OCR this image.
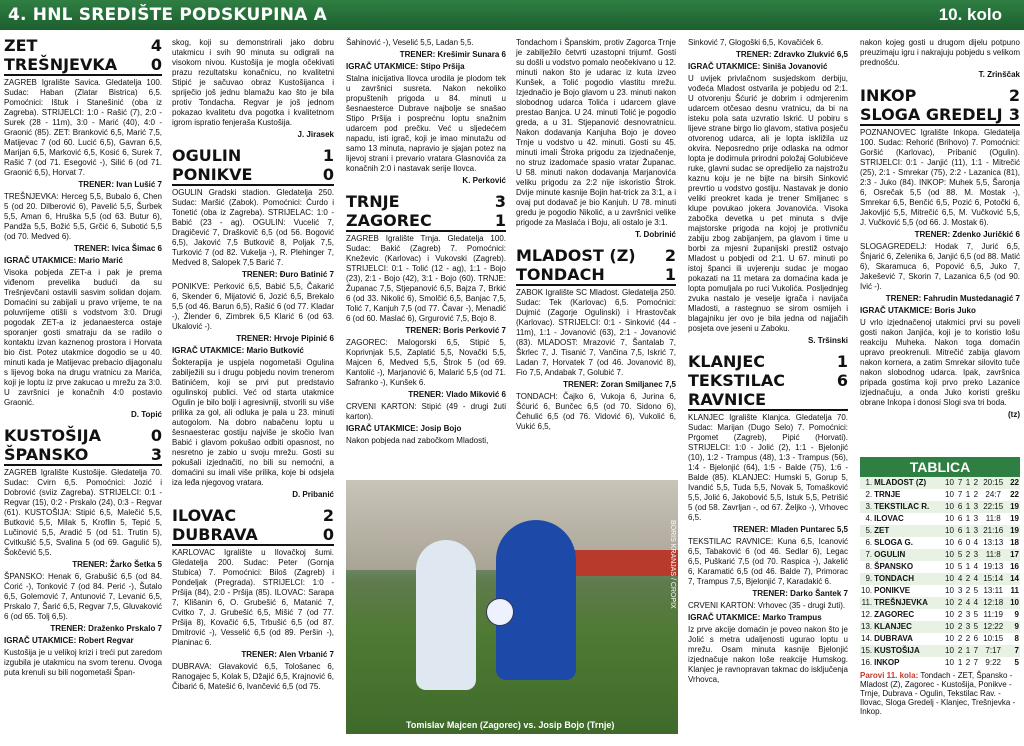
4. HNL SREDIŠTE PODSKUPINA A	10. kolo
ZET	4
TREŠNJEVKA 0
ZAGREB Igralište Savica. Gledatelja 100. Sudac: Haban (Zlatar Bistrica) 6,5. Pomoćnici: Ištuk i Stanešinić (oba iz Zagreba). STRIJELCI: 1:0 - Rašić (7), 2:0 - Surek (28 - 11m), 3:0 - Marić (40), 4:0 - Graonić (85). ZET: Branković 6,5, Marić 7,5, Matijevac 7 (od 60. Lucić 6,5), Gavran 6,5, Marijan 6,5, Marković 6,5, Kosić 6, Surek 7, Rašić 7 (od 71. Esegović -), Silić 6 (od 71. Graonić 6,5), Horvat 7.
TRENER: Ivan Lušić 7
TREŠNJEVKA: Herceg 5,5, Bubalo 6, Chen 5 (od 20. Dilberović 6), Pavelić 5,5, Šurbek 5,5, Aman 6, Hruška 5,5 (od 63. Butur 6), Pandža 5,5, Božić 5,5, Grčić 6, Subotić 5,5 (od 70. Medved 6).
TRENER: Ivica Šimac 6
IGRAČ UTAKMICE: Mario Marić
Visoka pobjeda ZET-a i pak je prema viđenom prevelika budući da su Trešnjevčani ostavili sasvim solidan dojam. Domaćini su zabijali u pravo vrijeme, te na poluvrijeme otišli s vodstvom 3:0. Drugi pogodak ZET-a iz jedanaesterca ostaje sporanjer gosti smatraju da se radilo o kontaktu izvan kaznenog prostora i Horvata bio čist. Potez utakmice dogodio se u 40. minuti kada je Matijevac prebacio dijagonalu s lijevog boka na drugu vratnicu za Marića, koji je loptu iz prve zakucao u mrežu za 3:0. U završnici je konačnih 4:0 postavio Graonić.
D. Topić
KUSTOŠIJA	0
ŠPANSKO	3
ZAGREB Igralište Kustošije. Gledatelja 70. Sudac: Cvirn 6,5. Pomoćnici: Jozić i Dobrović (sviiz Zagreba). STRIJELCI: 0:1 - Regvar (15), 0:2 - Prskalo (24), 0:3 - Regvar (61). KUSTOŠIJA: Stipić 6,5, Malečić 5,5, Butković 5,5, Milak 5, Kroflin 5, Tepić 5, Lučinović 5,5, Aradić 5 (od 51. Trutin 5), Cvitkušić 5,5, Svalina 5 (od 69. Gagulić 5), Šokčević 5,5.
TRENER: Žarko Šetka 5
ŠPANSKO: Henak 6, Grabušić 6,5 (od 84. Ćorić -), Tonković 7 (od 84. Perić -), Šutalo 6,5, Golemović 7, Antunović 7, Levanić 6,5, Prskalo 7, Šarić 6,5, Regvar 7,5, Gluvaković 6 (od 65. Tolj 6,5).
TRENER: Draženko Prskalo 7
IGRAČ UTAKMICE: Robert Regvar
Kustošija je u velikoj krizi i treći put zaredom izgubila je utakmicu na svom terenu. Ovoga puta krenuli su bili nogometaši Špan-
skog, koji su demonstrirali jako dobru utakmicu i svih 90 minuta su odigrali na visokom nivou. Kustošija je mogla očekivati prazu rezultatsku konačnicu, no kvalitetni Stipić je sačuvao obraz Kustošijanca i spriječio još jednu blamažu kao što je bila protiv Tondacha. Regvar je još jednom pokazao kvalitetu dva pogotka i kvalitetnom igrom ispratio fenjeraša Kustošija.
J. Jirasek
OGULIN	1
PONIKVE	0
OGULIN Gradski stadion. Gledatelja 250. Sudac: Maršić (Zabok). Pomoćnici: Ćurdo i Tonetić (oba iz Zagreba). STRIJELAC: 1:0 - Babić (23 - ag). OGULIN: Vucelić 7, Dragičević 7, Draškovič 6,5 (od 56. Bogović 6,5), Jaković 7,5 Butkovič 8, Poljak 7,5, Turković 7 (od 82. Vukelja -), R. Plehinger 7, Medved 8, Salopek 7,5 Barić 7.
TRENER: Đuro Batinić 7
PONIKVE: Perković 6,5, Babić 5,5, Čakarić 6, Skender 6, Mijatović 6, Jozić 6,5, Brekalo 5,5 (od 46. Barun 6,5), Rašić 6 (od 77. Kladar -), Žlender 6, Zimbrek 6,5 Klarić 6 (od 63. Ukalović -).
TRENER: Hrvoje Pipinić 6
IGRAČ UTAKMICE: Mario Butković
Šokterapija je uspjela nogometaši Ogulina zabilježili su i drugu pobjedu novim trenerom Batinićem, koji se prvi put predstavio ogulinskoj publici. Već od starta utakmice Ogulin je bilo bolji i agresivniji, stvorili su više prilika za gol, ali odluka je pala u 23. minuti autogolom. Na dobro nabačenu loptu u šesnaesterac gostiju najviše je skočio Ivan Babić i glavom pokušao odbiti opasnost, no nesretno je zabio u svoju mrežu. Gosti su pokušali izjednačiti, no bili su nemoćni, a domaćini su imali više prilika, koje bi odsjela iza leđa njegovog vratara.
D. Pribanić
ILOVAC	2
DUBRAVA	0
KARLOVAC Igralište u Ilovačkoj šumi. Gledatelja 200. Sudac: Peter (Gornja Stubica) 7. Pomoćnici: Biloš (Zagreb) i Pondeljak (Pregrada). STRIJELCI: 1:0 - Pršija (84), 2:0 - Pršija (85). ILOVAC: Sarapa 7, Klišanin 6, O. Grubešić 6, Matanić 7, Cvitko 7, J. Grubešić 6,5, Mišić 7 (od 77. Pršija 8), Kovačić 6,5, Trbušić 6,5 (od 87. Dmitrović -), Vesselić 6,5 (od 89. Peršin -), Planinac 6.
TRENER: Alen Vrbanić 7
DUBRAVA: Glavaković 6,5, Tološanec 6, Ranogajec 5, Kolak 5, Džajić 6,5, Krajnović 6, Čibarić 6, Matešić 6, Ivančević 6,5 (od 75.
Šahinović -), Veselić 5,5, Ladan 5,5.
TRENER: Krešimir Sunara 6
IGRAČ UTAKMICE: Stipo Pršija
Stalna inicijativa Ilovca urodila je plodom tek u završnici susreta. Nakon nekoliko propuštenih prigoda u 84. minuti u šesnaesterce Dubrave najbolje se snašao Stipo Pršija i posprećnu loptu snažnim udarcem pod prečku. Već u sljedećem napadu, isti igrač, koji je imao minutažu od samo 13 minuta, napravio je sjajan potez na lijevoj strani i prevario vratara Glasnovića za konačnih 2:0 i nastavak serije Ilovca.
K. Perković
TRNJE	3
ZAGOREC	1
ZAGREB Igralište Trnja. Gledatelja 100. Sudac: Bakić (Zagreb) 7. Pomoćnici: Kneževic (Karlovac) i Vukovski (Zagreb). STRIJELCI: 0:1 - Tolić (12 - ag), 1:1 - Bojo (23), 2:1 - Bojo (42), 3:1 - Bojo (60). TRNJE: Županac 7,5, Stjepanović 6,5, Bajza 7, Brkić 6 (od 33. Nikolić 6), Smolčić 6,5, Banjac 7,5, Tolić 7, Kanjuh 7,5 (od 77. Čavar -), Menadić 6 (od 60. Maslać 6), Grgurović 7,5, Bojo 8.
TRENER: Boris Perković 7
ZAGOREC: Malogorski 6,5, Stipić 5, Koprivnjak 5,5, Zaplatić 5,5, Novački 5,5, Majcen 6, Medved 5,5, Štrok 5 (od 69. Kantolić -), Marjanović 6, Malarić 5,5 (od 71. Safranko -), Kunšek 6.
TRENER: Vlado Miković 6
CRVENI KARTON: Stipić (49 - drugi žuti karton).
IGRAČ UTAKMICE: Josip Bojo
Nakon pobjeda nad zabočkom Mladosti,
Tondachom i Španskim, protiv Zagorca Trnje je zabilježilo četvrti uzastopni trijumf. Gosti su došli u vodstvo pomalo neočekivano u 12. minuti nakon što je udarac iz kuta izveo Kunšek, a Tolić pogodio vlastitu mrežu. Izjednačio je Bojo glavom u 23. minuti nakon slobodnog udarca Tolića i udarcem glave prestao Banjca. U 24. minuti Tolić je pogodio greda, a u 31. Stjepanović desnovratnicu. Nakon dodavanja Kanjuha Bojo je doveo Trnje u vodstvo u 42. minuti. Gosti su 45. minuti imali Štroka prigodu za izjednačenje, no struz izadomaće spasio vratar Županac. U 58. minuti nakon dodavanja Marjanovića veliku prigodu za 2:2 nije iskoristio Štrok. Dvije minute kasnije Bojin hat-trick za 3:1, a i ovaj put dodavač je bio Kanjuh. U 78. minuti gredu je pogodio Nikolić, a u završnici velike prigode za Maslaća i Boju, ali ostalo je 3:1.
T. Dobrinić
MLADOST (Z) 2
TONDACH	1
ZABOK Igralište SC Mladost. Gledatelja 250. Sudac: Tek (Karlovac) 6,5. Pomoćnici: Dujmić (Zagorje Ogulinski) i Hrastovčak (Karlovac). STRIJELCI: 0:1 - Sinković (44 - 11m), 1:1 - Jovanović (63), 2:1 - Jovanović (83). MLADOST: Mrazović 7, Šantalab 7, Škrlec 7, J. Tisanić 7, Vančina 7,5, Iskrić 7, Ladan 7, Horvatek 7 (od 46. Jovanović 8), Fio 7,5, Andabak 7, Golubić 7.
TRENER: Zoran Smiljanec 7,5
TONDACH: Čajko 6, Vukoja 6, Jurina 6, Šćurić 6, Bunčec 6,5 (od 70. Sidono 6), Čehulić 6,5 (od 76. Vidović 6), Vukolić 6, Vukić 6,5,
Tomislav Majcen (Zagorec) vs. Josip Bojo (Trnje)
BORIS KRANJAS / CROPIX
Sinković 7, Glogoški 6,5, Kovačićek 6.
TRENER: Zdravko Zlukvić 6,5
IGRAČ UTAKMICE: Siniša Jovanović
U uvijek privlačnom susjedskom derbiju, vođeća Mladost ostvarila je pobjedu od 2:1. U otvorenju Šćurić je dobrim i odmjerenim udarcem otčesao desnu vratnicu, da bi na isteku pola sata uzvratio Iskrić. U pobiru s lijeve strane birgo lio glavom, stativa posječu otvorenog udarca, ali je lopta iskližila uz okvira. Neposredno prije odlaska na odmor lopta je dodirnula prirodni položaj Golubićeve ruke, glavni sudac se opredijelio za najstrožu kaznu koju je ne bijte na birsih Sinković prevrtio u vodstvo gostiju. Nastavak je donio veliki preokret kada je trener Smiljanec s klupe povukao jokera Jovanovića. Visoka zabočka devetka u pet minuta s dvije majstorske prigoda na kojoj je protivniču zabiju zbog zabijanjem, pa glavom i time u borbi za mjesni županijski prestiž ostvajo Mladost u pobjedi od 2:1. U 67. minuti po istoj španci ili uvjerenju sudac je mogao pokazati na 11 metara za domaćina kada je lopta pomuljala po ruci Vukolića. Posljednjeg zvuka nastalo je veselje igrača i navijača Mladosti, a rastegnuo se sirom osmijeh i blagajniku jer ovo je bila jedna od najjačih posjeta ove jeseni u Zaboku.
S. Tršinski
KLANJEC	1
TEKSTILAC RAVNICE
6
KLANJEC Igralište Klanjca. Gledatelja 70. Sudac: Marijan (Dugo Selo) 7. Pomoćnici: Prgomet (Zagreb), Pipić (Horvati). STRIJELCI: 1:0 - Jolić (2), 1:1 - Bjelonjić (10), 1:2 - Trampus (48), 1:3 - Trampus (56), 1:4 - Bjelonjić (64), 1:5 - Balde (75), 1:6 - Balde (85). KLANJEC: Humski 5, Gorup 5, Ivandić 5,5, Tuda 5,5, Novak 5, Tomašković 5,5, Jolić 6, Jakobović 5,5, Istuk 5,5, Petrišić 5 (od 58. Zavrljan -, od 67. Željko -), Vrhovec 6,5.
TRENER: Mladen Puntarec 5,5
TEKSTILAC RAVNICE: Kuna 6,5, Icanović 6,5, Tabaković 6 (od 46. Sedlar 6), Legac 6,5, Puškarić 7,5 (od 70. Raspica -), Jakelić 6, Karamatić 6,5 (od 46. Balde 7), Primorac 7, Trampus 7,5, Bjelonjić 7, Karadakić 6.
TRENER: Darko Šantek 7
CRVENI KARTON: Vrhovec (35 - drugi žuti).
IGRAČ UTAKMICE: Marko Trampus
Iz prve akcije domaćin je poveo nakon što je Jolić s metra udaljenosti ugurao loptu u mrežu. Osam minuta kasnije Bjelonjić izjednačuje nakon loše reakcije Humskog. Klanjec je ravnopravan takmac do isključenja Vrhovca,
nakon kojeg gosti u drugom dijelu potpuno preuzimaju igru i nakrajuju pobjedu s velikom prednošću.
T. Zrinščak
INKOP	2
SLOGA GREDELJ 3
POZNANOVEC Igralište Inkopa. Gledatelja 100. Sudac: Rehorić (Brihovo) 7. Pomoćnici: Goršić (Karlovac), Pribanić (Ogulin). STRIJELCI: 0:1 - Janjić (11), 1:1 - Mitrečić (25), 2:1 - Smrekar (75), 2:2 - Lazanica (81), 2:3 - Juko (84). INKOP: Muhek 5,5, Šaronja 6, Osrečak 5,5 (od 88. M. Mostak -), Smrekar 6,5, Benčić 6,5, Pozić 6, Potočki 6, Jakovljić 5,5, Mitrečić 6,5, M. Vučković 5,5, J. Vučković 5,5 (od 66. J. Mostak 6).
TRENER: Zdenko Juričkić 6
SLOGAGREDELJ: Hodak 7, Jurić 6,5, Šnjarić 6, Zelenika 6, Janjić 6,5 (od 88. Matić 6), Skaramuca 6, Popović 6,5, Juko 7, Jakešević 7, Skorin 7, Lazanica 6,5 (od 90. Ivić -).
TRENER: Fahrudin Mustedanagić 7
IGRAČ UTAKMICE: Boris Juko
U vrlo izjednačenoj utakmici prvi su poveli gosti nakon Janjića, koji je to koristio lošu reakciju Muheka. Nakon toga domaćin upravo preokrenuli. Mitrečić zabija glavom nakon kornera, a zatim Smrekar silovito tuče nakon slobodnog udarca. Ipak, završnica pripada gostima koji prvo preko Lazanice izjednačuju, a onda Juko koristi grešku obrane Inkopa i donosi Slogi sva tri boda.
(tz)
TABLICA
1.	MLADOST (Z)	10	7	1	2	20:15	22
2.	TRNJE	10	7	1	2	24:7	22
3.	TEKSTILAC R.	10	6	1	3	22:15	19
4.	ILOVAC	10	6	1	3	11:8	19
5.	ZET	10	6	1	3	21:16	19
6.	SLOGA G.	10	6	0	4	13:13	18
7.	OGULIN	10	5	2	3	11:8	17
8.	ŠPANSKO	10	5	1	4	19:13	16
9.	TONDACH	10	4	2	4	15:14	14
10.	PONIKVE	10	3	2	5	13:11	11
11.	TREŠNJEVKA	10	2	4	4	12:18	10
12.	ZAGOREC	10	2	3	5	11:19	9
13.	KLANJEC	10	2	3	5	12:22	9
14.	DUBRAVA	10	2	2	6	10:15	8
15.	KUSTOŠIJA	10	2	1	7	7:17	7
16.	INKOP	10	1	2	7	9:22	5
Parovi 11. kola: Tondach - ZET, Špansko - Mladost (Z), Zagorec - Kustošija, Ponikve - Trnje, Dubrava - Ogulin, Tekstilac Rav. - Ilovac, Sloga Gredelj - Klanjec, Trešnjevka - Inkop.
